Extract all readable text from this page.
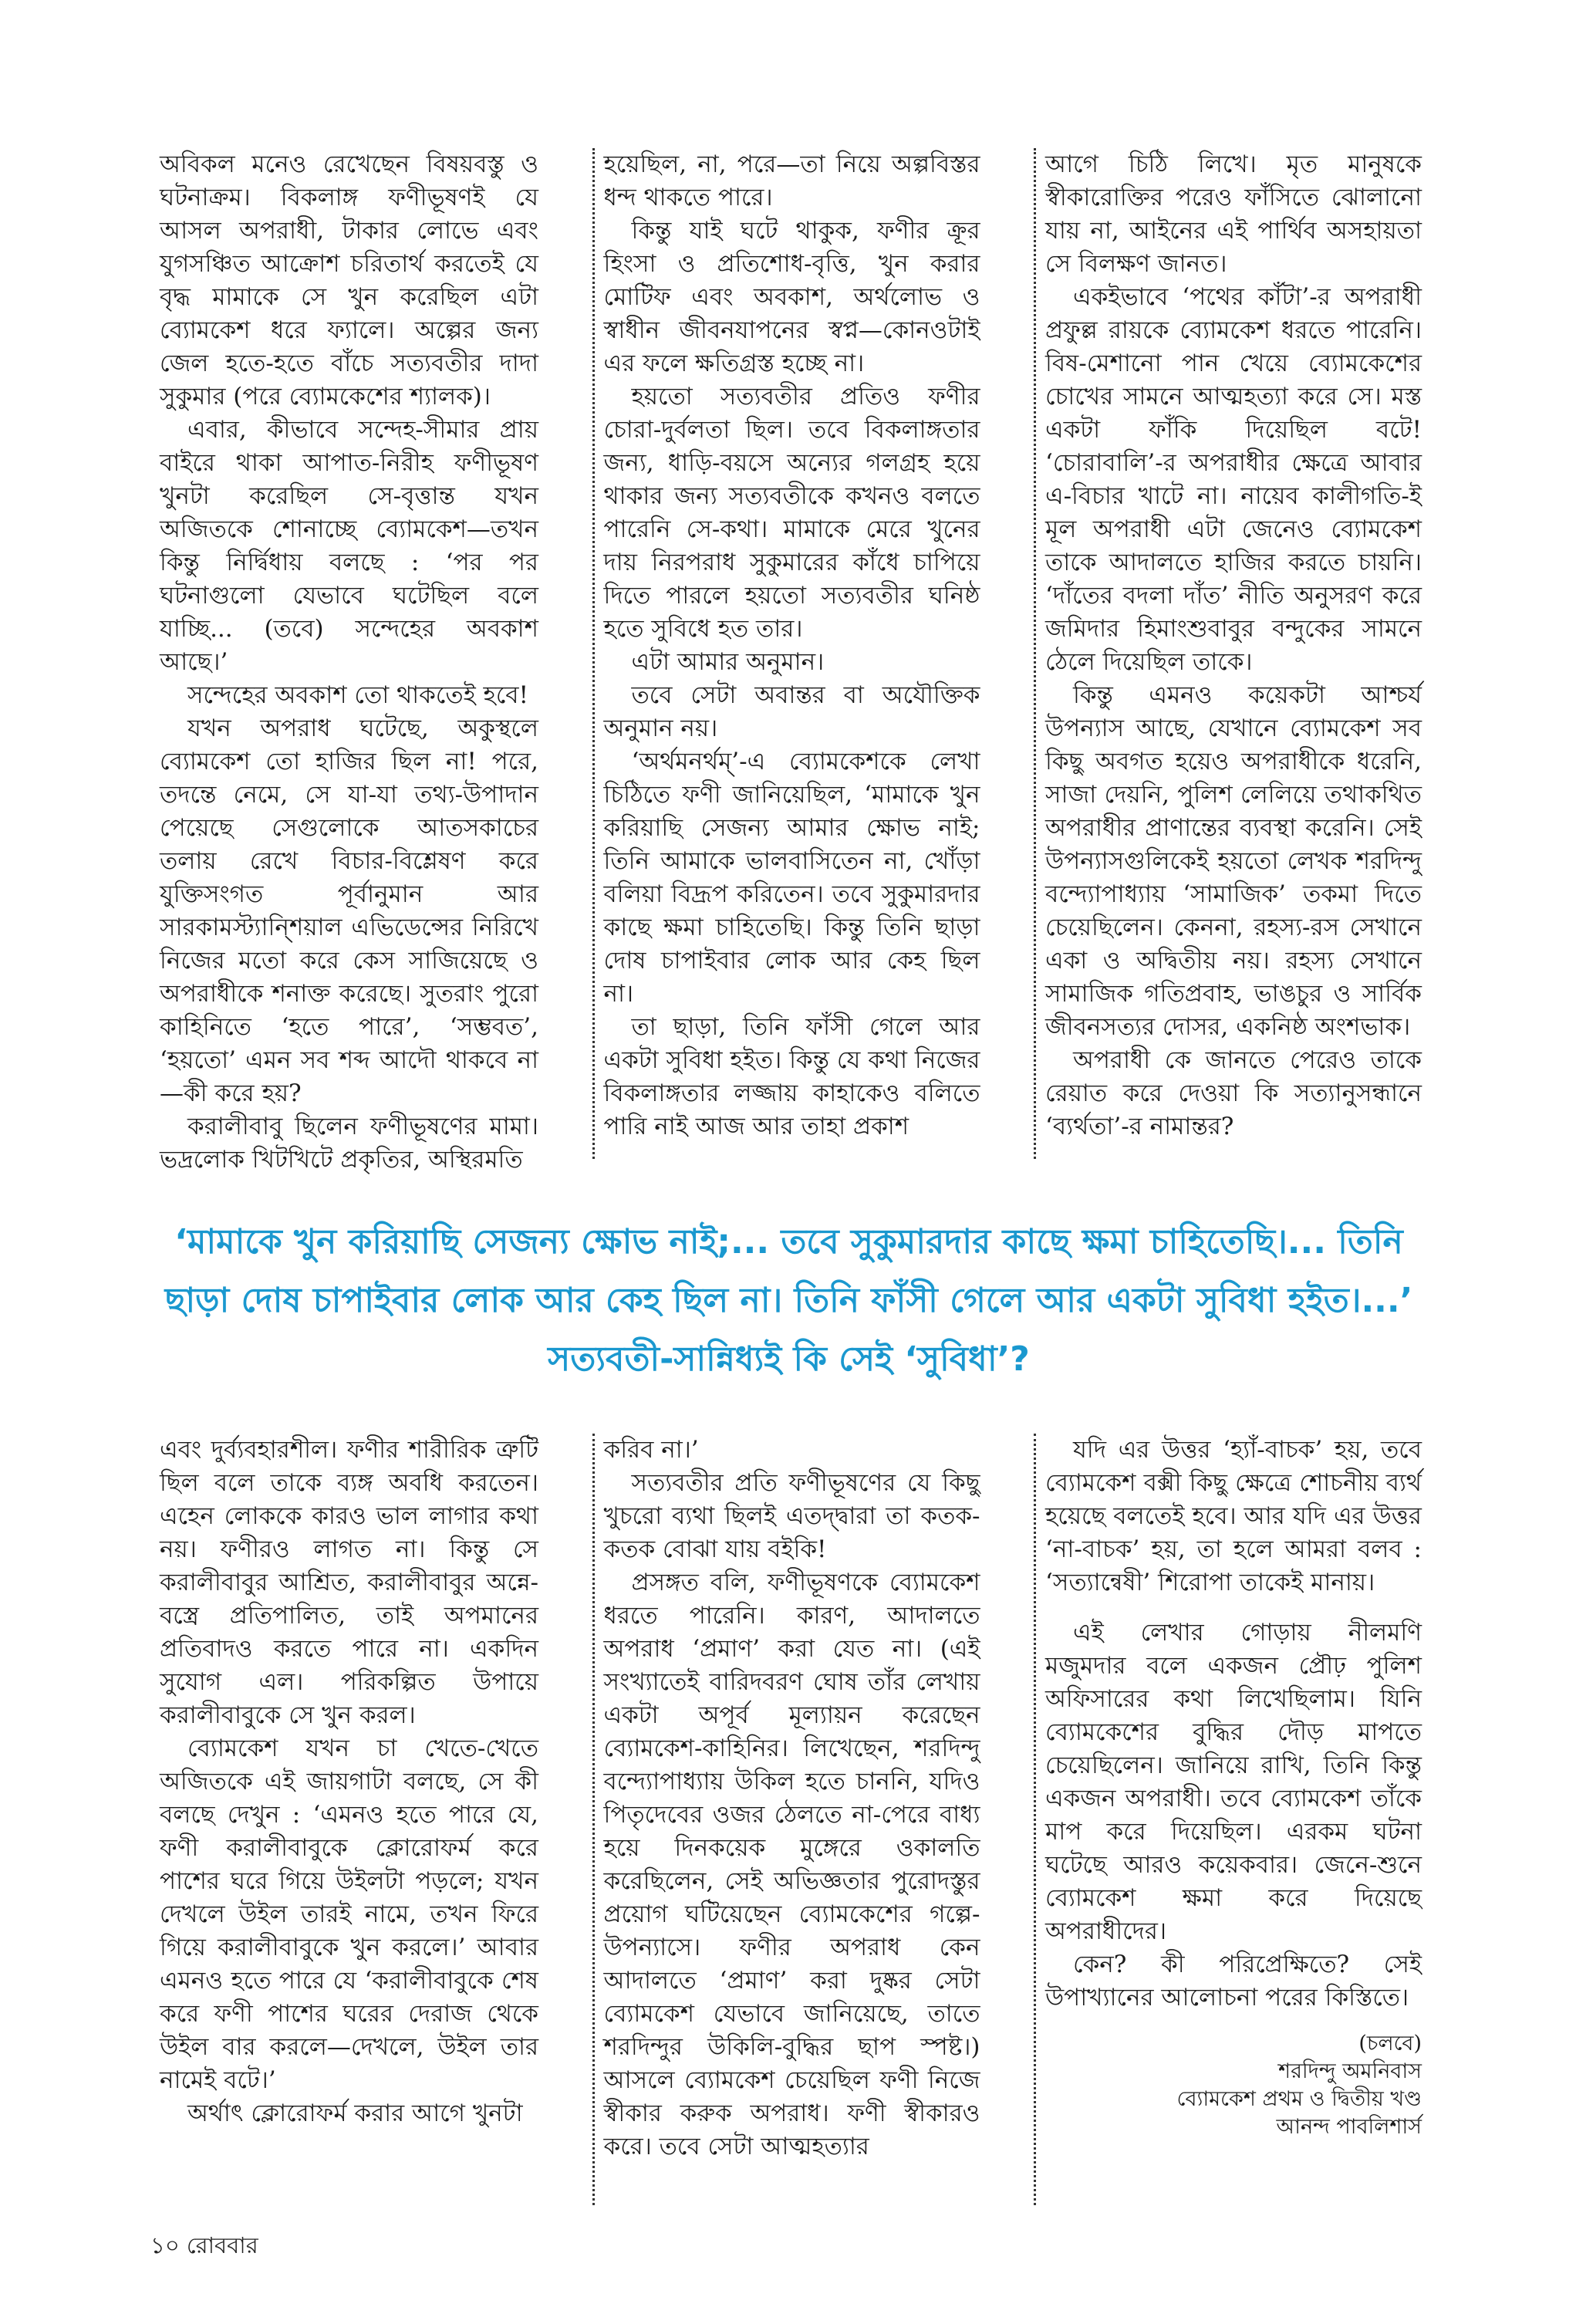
অবিকল মনেও রেখেছেন বিষয়বস্তু ও ঘটনাক্রম। বিকলাঙ্গ ফণীভূষণই যে আসল অপরাধী, টাকার লোভে এবং যুগসঞ্চিত আক্রোশ চরিতার্থ করতেই যে বৃদ্ধ মামাকে সে খুন করেছিল এটা ব্যোমকেশ ধরে ফ্যালে। অল্পের জন্য জেল হতে-হতে বাঁচে সত্যবতীর দাদা সুকুমার (পরে ব্যোমকেশের শ্যালক)।

এবার, কীভাবে সন্দেহ-সীমার প্রায় বাইরে থাকা আপাত-নিরীহ ফণীভূষণ খুনটা করেছিল সে-বৃত্তান্ত যখন অজিতকে শোনাচ্ছে ব্যোমকেশ—তখন কিন্তু নির্দ্বিধায় বলছে : ‘পর পর ঘটনাগুলো যেভাবে ঘটেছিল বলে যাচ্ছি... (তবে) সন্দেহের অবকাশ আছে।’

সন্দেহের অবকাশ তো থাকতেই হবে!

যখন অপরাধ ঘটেছে, অকুস্থলে ব্যোমকেশ তো হাজির ছিল না! পরে, তদন্তে নেমে, সে যা-যা তথ্য-উপাদান পেয়েছে সেগুলোকে আতসকাচের তলায় রেখে বিচার-বিশ্লেষণ করে যুক্তিসংগত পূর্বানুমান আর সারকামস্ট্যান্শিয়াল এভিডেন্সের নিরিখে নিজের মতো করে কেস সাজিয়েছে ও অপরাধীকে শনাক্ত করেছে। সুতরাং পুরো কাহিনিতে ‘হতে পারে’, ‘সম্ভবত’, ‘হয়তো’ এমন সব শব্দ আদৌ থাকবে না—কী করে হয়?

করালীবাবু ছিলেন ফণীভূষণের মামা। ভদ্রলোক খিটখিটে প্রকৃতির, অস্থিরমতি

হয়েছিল, না, পরে—তা নিয়ে অল্পবিস্তর ধন্দ থাকতে পারে।

কিন্তু যাই ঘটে থাকুক, ফণীর ক্রূর হিংসা ও প্রতিশোধ-বৃত্তি, খুন করার মোটিফ এবং অবকাশ, অর্থলোভ ও স্বাধীন জীবনযাপনের স্বপ্ন—কোনওটাই এর ফলে ক্ষতিগ্রস্ত হচ্ছে না।

হয়তো সত্যবতীর প্রতিও ফণীর চোরা-দুর্বলতা ছিল। তবে বিকলাঙ্গতার জন্য, ধাড়ি-বয়সে অন্যের গলগ্রহ হয়ে থাকার জন্য সত্যবতীকে কখনও বলতে পারেনি সে-কথা। মামাকে মেরে খুনের দায় নিরপরাধ সুকুমারের কাঁধে চাপিয়ে দিতে পারলে হয়তো সত্যবতীর ঘনিষ্ঠ হতে সুবিধে হত তার।

এটা আমার অনুমান।

তবে সেটা অবান্তর বা অযৌক্তিক অনুমান নয়।

‘অর্থমনর্থম্’-এ ব্যোমকেশকে লেখা চিঠিতে ফণী জানিয়েছিল, ‘মামাকে খুন করিয়াছি সেজন্য আমার ক্ষোভ নাই; তিনি আমাকে ভালবাসিতেন না, খোঁড়া বলিয়া বিদ্রূপ করিতেন। তবে সুকুমারদার কাছে ক্ষমা চাহিতেছি। কিন্তু তিনি ছাড়া দোষ চাপাইবার লোক আর কেহ ছিল না।

তা ছাড়া, তিনি ফাঁসী গেলে আর একটা সুবিধা হইত। কিন্তু যে কথা নিজের বিকলাঙ্গতার লজ্জায় কাহাকেও বলিতে পারি নাই আজ আর তাহা প্রকাশ

আগে চিঠি লিখে। মৃত মানুষকে স্বীকারোক্তির পরেও ফাঁসিতে ঝোলানো যায় না, আইনের এই পার্থিব অসহায়তা সে বিলক্ষণ জানত।

একইভাবে ‘পথের কাঁটা’-র অপরাধী প্রফুল্ল রায়কে ব্যোমকেশ ধরতে পারেনি। বিষ-মেশানো পান খেয়ে ব্যোমকেশের চোখের সামনে আত্মহত্যা করে সে। মস্ত একটা ফাঁকি দিয়েছিল বটে! ‘চোরাবালি’-র অপরাধীর ক্ষেত্রে আবার এ-বিচার খাটে না। নায়েব কালীগতি-ই মূল অপরাধী এটা জেনেও ব্যোমকেশ তাকে আদালতে হাজির করতে চায়নি। ‘দাঁতের বদলা দাঁত’ নীতি অনুসরণ করে জমিদার হিমাংশুবাবুর বন্দুকের সামনে ঠেলে দিয়েছিল তাকে।

কিন্তু এমনও কয়েকটা আশ্চর্য উপন্যাস আছে, যেখানে ব্যোমকেশ সব কিছু অবগত হয়েও অপরাধীকে ধরেনি, সাজা দেয়নি, পুলিশ লেলিয়ে তথাকথিত অপরাধীর প্রাণান্তের ব্যবস্থা করেনি। সেই উপন্যাসগুলিকেই হয়তো লেখক শরদিন্দু বন্দ্যোপাধ্যায় ‘সামাজিক’ তকমা দিতে চেয়েছিলেন। কেননা, রহস্য-রস সেখানে একা ও অদ্বিতীয় নয়। রহস্য সেখানে সামাজিক গতিপ্রবাহ, ভাঙচুর ও সার্বিক জীবনসত্যর দোসর, একনিষ্ঠ অংশভাক।

অপরাধী কে জানতে পেরেও তাকে রেয়াত করে দেওয়া কি সত্যানুসন্ধানে ‘ব্যর্থতা’-র নামান্তর?

‘মামাকে খুন করিয়াছি সেজন্য ক্ষোভ নাই;... তবে সুকুমারদার কাছে ক্ষমা চাহিতেছি।... তিনি ছাড়া দোষ চাপাইবার লোক আর কেহ ছিল না। তিনি ফাঁসী গেলে আর একটা সুবিধা হইত।...’ সত্যবতী-সান্নিধ্যই কি সেই ‘সুবিধা’?

এবং দুর্ব্যবহারশীল। ফণীর শারীরিক ত্রুটি ছিল বলে তাকে ব্যঙ্গ অবধি করতেন। এহেন লোককে কারও ভাল লাগার কথা নয়। ফণীরও লাগত না। কিন্তু সে করালীবাবুর আশ্রিত, করালীবাবুর অন্নে-বস্ত্রে প্রতিপালিত, তাই অপমানের প্রতিবাদও করতে পারে না। একদিন সুযোগ এল। পরিকল্পিত উপায়ে করালীবাবুকে সে খুন করল।

ব্যোমকেশ যখন চা খেতে-খেতে অজিতকে এই জায়গাটা বলছে, সে কী বলছে দেখুন : ‘এমনও হতে পারে যে, ফণী করালীবাবুকে ক্লোরোফর্ম করে পাশের ঘরে গিয়ে উইলটা পড়লে; যখন দেখলে উইল তারই নামে, তখন ফিরে গিয়ে করালীবাবুকে খুন করলে।’ আবার এমনও হতে পারে যে ‘করালীবাবুকে শেষ করে ফণী পাশের ঘরের দেরাজ থেকে উইল বার করলে—দেখলে, উইল তার নামেই বটে।’

অর্থাৎ ক্লোরোফর্ম করার আগে খুনটা

করিব না।’

সত্যবতীর প্রতি ফণীভূষণের যে কিছু খুচরো ব্যথা ছিলই এতদ্দ্বারা তা কতক-কতক বোঝা যায় বইকি!

প্রসঙ্গত বলি, ফণীভূষণকে ব্যোমকেশ ধরতে পারেনি। কারণ, আদালতে অপরাধ ‘প্রমাণ’ করা যেত না। (এই সংখ্যাতেই বারিদবরণ ঘোষ তাঁর লেখায় একটা অপূর্ব মূল্যায়ন করেছেন ব্যোমকেশ-কাহিনির। লিখেছেন, শরদিন্দু বন্দ্যোপাধ্যায় উকিল হতে চাননি, যদিও পিতৃদেবের ওজর ঠেলতে না-পেরে বাধ্য হয়ে দিনকয়েক মুঙ্গেরে ওকালতি করেছিলেন, সেই অভিজ্ঞতার পুরোদস্তুর প্রয়োগ ঘটিয়েছেন ব্যোমকেশের গল্পে-উপন্যাসে। ফণীর অপরাধ কেন আদালতে ‘প্রমাণ’ করা দুষ্কর সেটা ব্যোমকেশ যেভাবে জানিয়েছে, তাতে শরদিন্দুর উকিলি-বুদ্ধির ছাপ স্পষ্ট।) আসলে ব্যোমকেশ চেয়েছিল ফণী নিজে স্বীকার করুক অপরাধ। ফণী স্বীকারও করে। তবে সেটা আত্মহত্যার

যদি এর উত্তর ‘হ্যাঁ-বাচক’ হয়, তবে ব্যোমকেশ বক্সী কিছু ক্ষেত্রে শোচনীয় ব্যর্থ হয়েছে বলতেই হবে। আর যদি এর উত্তর ‘না-বাচক’ হয়, তা হলে আমরা বলব : ‘সত্যান্বেষী’ শিরোপা তাকেই মানায়।

এই লেখার গোড়ায় নীলমণি মজুমদার বলে একজন প্রৌঢ় পুলিশ অফিসারের কথা লিখেছিলাম। যিনি ব্যোমকেশের বুদ্ধির দৌড় মাপতে চেয়েছিলেন। জানিয়ে রাখি, তিনি কিন্তু একজন অপরাধী। তবে ব্যোমকেশ তাঁকে মাপ করে দিয়েছিল। এরকম ঘটনা ঘটেছে আরও কয়েকবার। জেনে-শুনে ব্যোমকেশ ক্ষমা করে দিয়েছে অপরাধীদের।

কেন? কী পরিপ্রেক্ষিতে? সেই উপাখ্যানের আলোচনা পরের কিস্তিতে।

(চলবে)
শরদিন্দু অমনিবাস
ব্যোমকেশ প্রথম ও দ্বিতীয় খণ্ড
আনন্দ পাবলিশার্স
১০ রোববার
